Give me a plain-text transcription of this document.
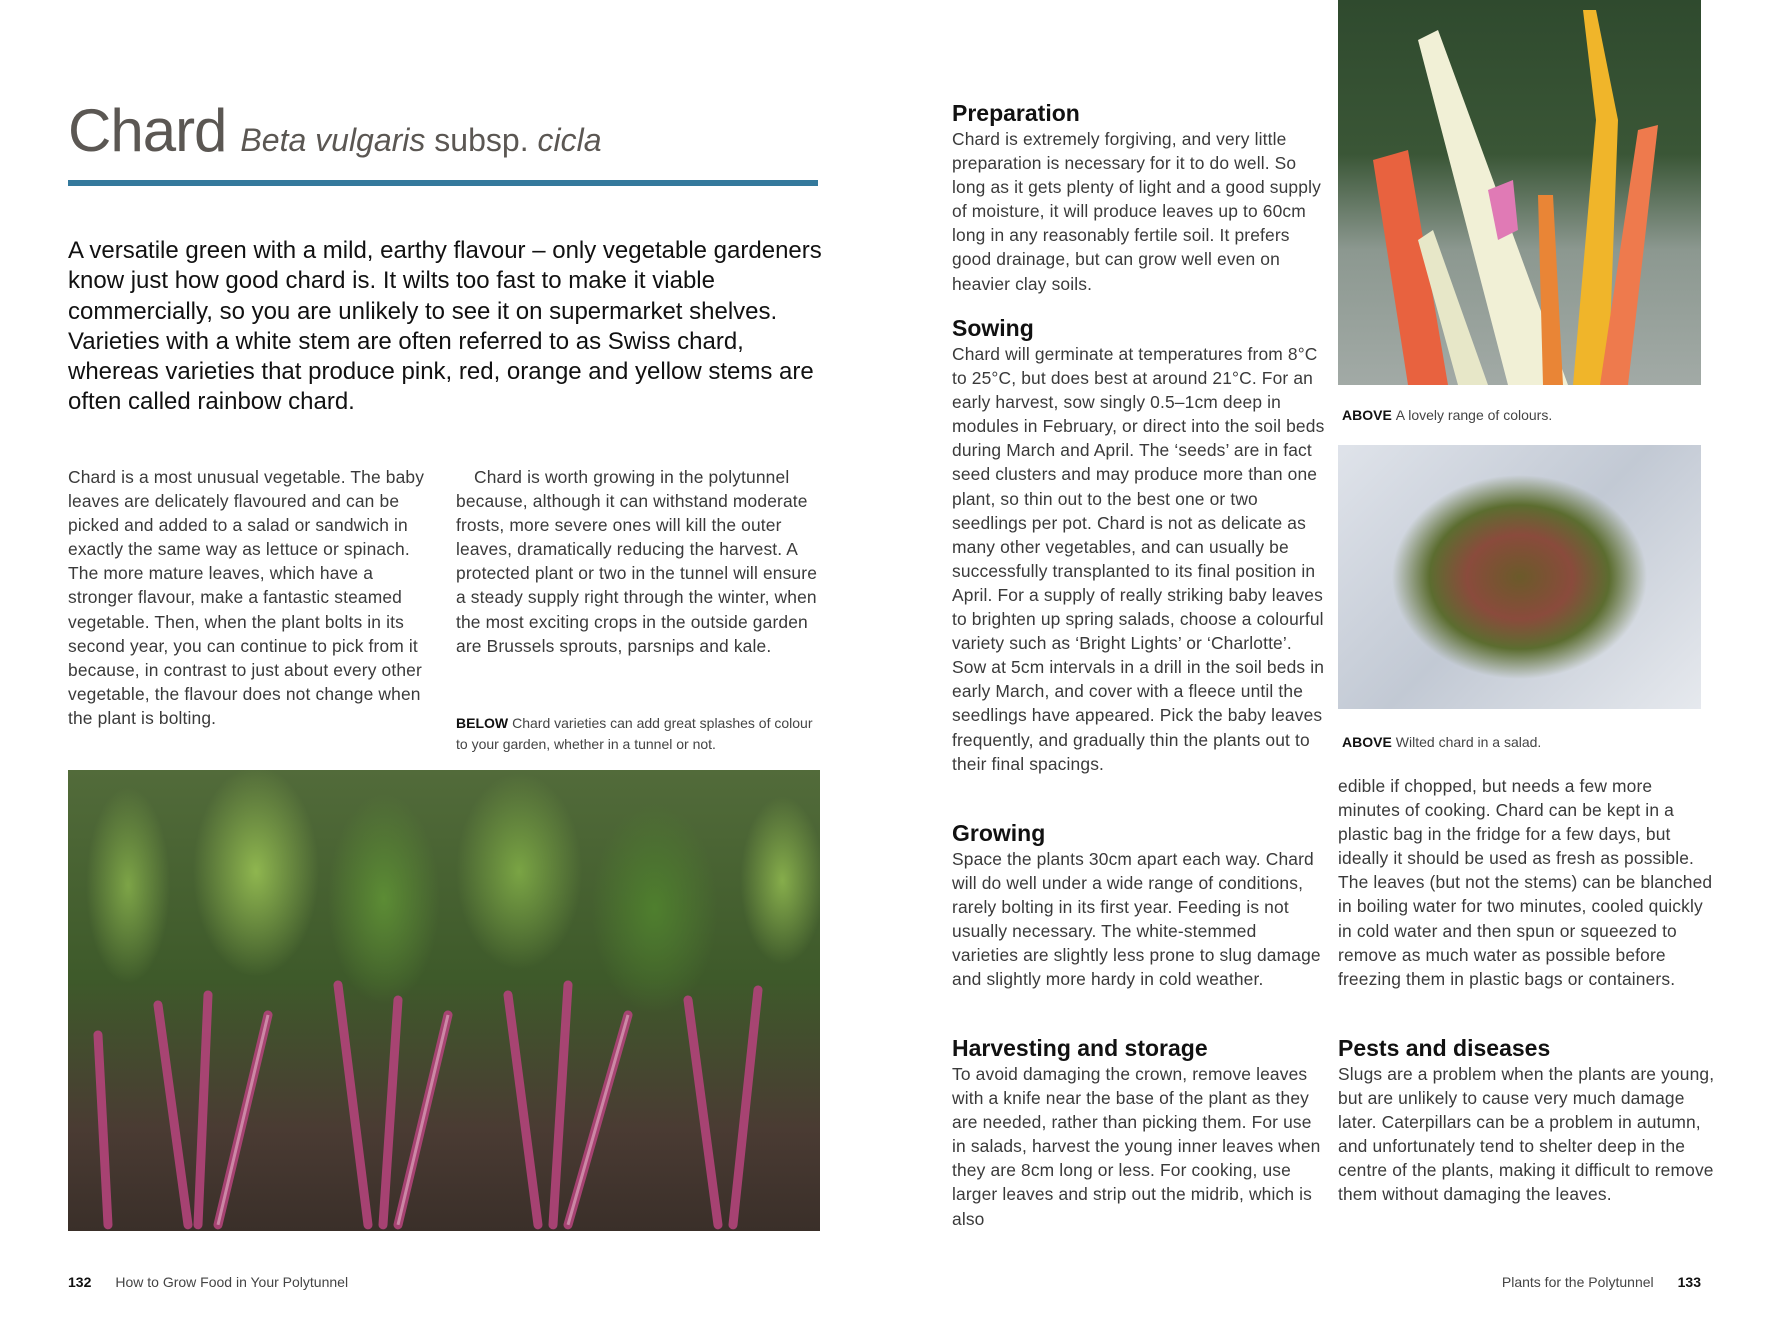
Chard Beta vulgaris subsp. cicla

A versatile green with a mild, earthy flavour – only vegetable gardeners know just how good chard is. It wilts too fast to make it viable commercially, so you are unlikely to see it on supermarket shelves. Varieties with a white stem are often referred to as Swiss chard, whereas varieties that produce pink, red, orange and yellow stems are often called rainbow chard.

Chard is a most unusual vegetable. The baby leaves are delicately flavoured and can be picked and added to a salad or sandwich in exactly the same way as lettuce or spinach. The more mature leaves, which have a stronger flavour, make a fantastic steamed vegetable. Then, when the plant bolts in its second year, you can continue to pick from it because, in contrast to just about every other vegetable, the flavour does not change when the plant is bolting.

Chard is worth growing in the polytunnel because, although it can withstand moderate frosts, more severe ones will kill the outer leaves, dramatically reducing the harvest. A protected plant or two in the tunnel will ensure a steady supply right through the winter, when the most exciting crops in the outside garden are Brussels sprouts, parsnips and kale.

BELOW Chard varieties can add great splashes of colour to your garden, whether in a tunnel or not.

132 How to Grow Food in Your Polytunnel
Preparation

Chard is extremely forgiving, and very little preparation is necessary for it to do well. So long as it gets plenty of light and a good supply of moisture, it will produce leaves up to 60cm long in any reasonably fertile soil. It prefers good drainage, but can grow well even on heavier clay soils.

Sowing

Chard will germinate at temperatures from 8°C to 25°C, but does best at around 21°C. For an early harvest, sow singly 0.5–1cm deep in modules in February, or direct into the soil beds during March and April. The ‘seeds’ are in fact seed clusters and may produce more than one plant, so thin out to the best one or two seedlings per pot. Chard is not as delicate as many other vegetables, and can usually be successfully transplanted to its final position in April. For a supply of really striking baby leaves to brighten up spring salads, choose a colourful variety such as ‘Bright Lights’ or ‘Charlotte’. Sow at 5cm intervals in a drill in the soil beds in early March, and cover with a fleece until the seedlings have appeared. Pick the baby leaves frequently, and gradually thin the plants out to their final spacings.

Growing

Space the plants 30cm apart each way. Chard will do well under a wide range of conditions, rarely bolting in its first year. Feeding is not usually necessary. The white-stemmed varieties are slightly less prone to slug damage and slightly more hardy in cold weather.

Harvesting and storage

To avoid damaging the crown, remove leaves with a knife near the base of the plant as they are needed, rather than picking them. For use in salads, harvest the young inner leaves when they are 8cm long or less. For cooking, use larger leaves and strip out the midrib, which is also

ABOVE A lovely range of colours.

ABOVE Wilted chard in a salad.

edible if chopped, but needs a few more minutes of cooking. Chard can be kept in a plastic bag in the fridge for a few days, but ideally it should be used as fresh as possible. The leaves (but not the stems) can be blanched in boiling water for two minutes, cooled quickly in cold water and then spun or squeezed to remove as much water as possible before freezing them in plastic bags or containers.

Pests and diseases

Slugs are a problem when the plants are young, but are unlikely to cause very much damage later. Caterpillars can be a problem in autumn, and unfortunately tend to shelter deep in the centre of the plants, making it difficult to remove them without damaging the leaves.

Plants for the Polytunnel 133
